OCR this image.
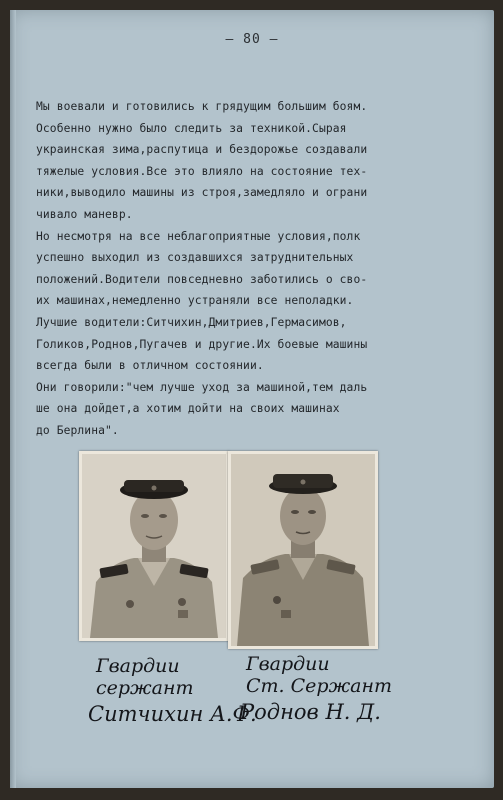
— 80 —
Мы воевали и готовились к грядущим большим боям.
Особенно нужно было следить за техникой.Сырая
украинская зима,распутица и бездорожье создавали
тяжелые условия.Все это влияло на состояние тех-
ники,выводило машины из строя,замедляло и ограни
чивало маневр.
Но несмотря на все неблагоприятные условия,полк
успешно выходил из создавшихся затруднительных
положений.Водители повседневно заботились о сво-
их машинах,немедленно устраняли все неполадки.
Лучшие водители:Ситчихин,Дмитриев,Гермасимов,
Голиков,Роднов,Пугачев и другие.Их боевые машины
всегда были в отличном состоянии.
Они говорили:"чем лучше уход за машиной,тем даль
ше она дойдет,а хотим дойти на своих машинах
до Берлина".
Гвардии
сержант
Ситчихин А.Ф.
Гвардии
Ст. Сержант
Роднов Н. Д.
